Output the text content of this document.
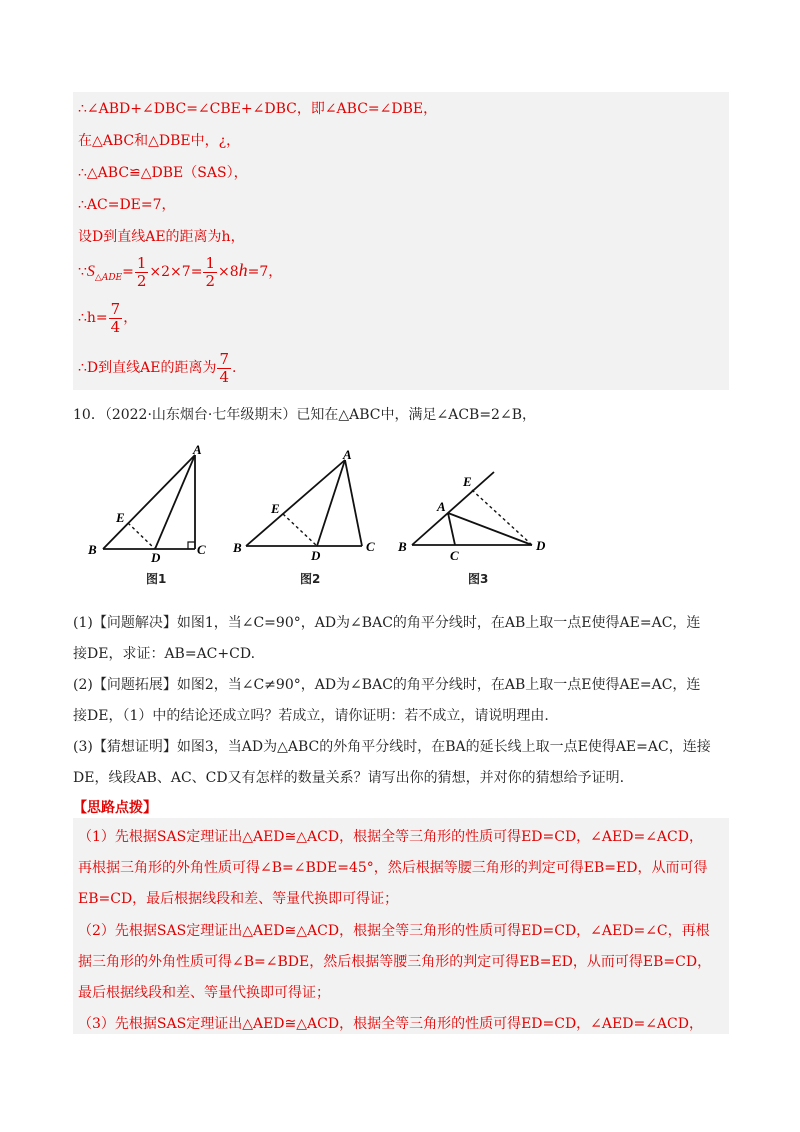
∴∠ABD+∠DBC=∠CBE+∠DBC，即∠ABC=∠DBE，
在△ABC和△DBE中，¿，
∴△ABC≌△DBE（SAS），
∴AC=DE=7，
设D到直线AE的距离为h，
$\because S_{\triangle ADE}= \frac{1}{2} \times 2\times 7= \frac{1}{2} \times 8h=7$，
∴h= $\frac{7}{4}$ ，
∴D到直线AE的距离为 $\frac{7}{4}$ .
10．（2022·山东烟台·七年级期末）已知在△ABC中，满足∠ACB=2∠B，
A
B	C
D
E
A
B	C
D
E	A
B
C
D
E
图1	图2	图3
(1)【问题解决】如图1，当∠C=90°，AD为∠BAC的角平分线时，在AB上取一点E使得AE=AC，连
接DE，求证：AB=AC+CD.
(2)【问题拓展】如图2，当∠C≠90°，AD为∠BAC的角平分线时，在AB上取一点E使得AE=AC，连
接DE，（1）中的结论还成立吗？若成立，请你证明：若不成立，请说明理由.
(3)【猜想证明】如图3，当AD为△ABC的外角平分线时，在BA的延长线上取一点E使得AE=AC，连接
DE，线段AB、AC、CD又有怎样的数量关系？请写出你的猜想，并对你的猜想给予证明.
【思路点拨】
（1）先根据SAS定理证出△AED≅△ACD，根据全等三角形的性质可得ED=CD，∠AED=∠ACD，
再根据三角形的外角性质可得∠B=∠BDE=45°，然后根据等腰三角形的判定可得EB=ED，从而可得
EB=CD，最后根据线段和差、等量代换即可得证；
（2）先根据SAS定理证出△AED≅△ACD，根据全等三角形的性质可得ED=CD，∠AED=∠C，再根
据三角形的外角性质可得∠B=∠BDE，然后根据等腰三角形的判定可得EB=ED，从而可得EB=CD，
最后根据线段和差、等量代换即可得证；
（3）先根据SAS定理证出△AED≅△ACD，根据全等三角形的性质可得ED=CD，∠AED=∠ACD，
